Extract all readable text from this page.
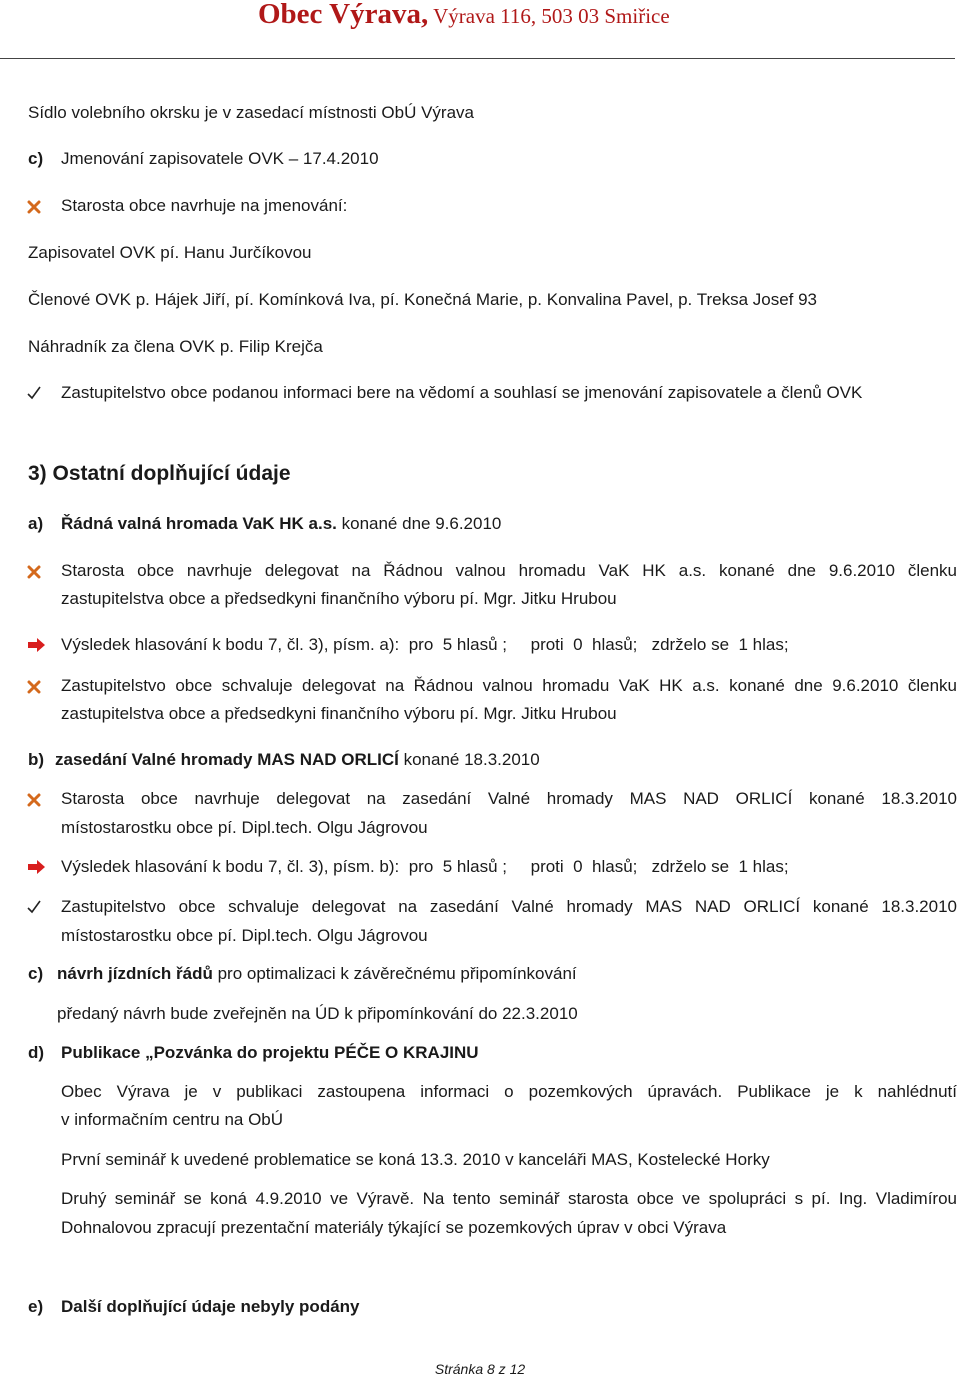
Obec Výrava, Výrava 116, 503 03 Smiřice
Sídlo volebního okrsku je v zasedací místnosti ObÚ Výrava
c) Jmenování zapisovatele OVK – 17.4.2010
Starosta obce navrhuje na jmenování:
Zapisovatel OVK pí. Hanu Jurčíkovou
Členové OVK p. Hájek Jiří, pí. Komínková Iva, pí. Konečná Marie, p. Konvalina Pavel, p. Treksa Josef 93
Náhradník za člena OVK p. Filip Krejča
Zastupitelstvo obce podanou informaci bere na vědomí a souhlasí se jmenování zapisovatele a členů OVK
3) Ostatní doplňující údaje
a) Řádná valná hromada VaK HK a.s. konané dne 9.6.2010
Starosta obce navrhuje delegovat na Řádnou valnou hromadu VaK HK a.s. konané dne 9.6.2010 členku
zastupitelstva obce a předsedkyni finančního výboru pí. Mgr. Jitku Hrubou
Výsledek hlasování k bodu 7, čl. 3), písm. a):  pro  5 hlasů ;     proti  0  hlasů;   zdrželo se  1 hlas;
Zastupitelstvo obce schvaluje delegovat na Řádnou valnou hromadu VaK HK a.s. konané dne 9.6.2010 členku
zastupitelstva obce a předsedkyni finančního výboru pí. Mgr. Jitku Hrubou
b) zasedání Valné hromady MAS NAD ORLICÍ konané 18.3.2010
Starosta obce navrhuje delegovat na zasedání Valné hromady MAS NAD ORLICÍ konané 18.3.2010
místostarostku obce pí. Dipl.tech. Olgu Jágrovou
Výsledek hlasování k bodu 7, čl. 3), písm. b):  pro  5 hlasů ;     proti  0  hlasů;   zdrželo se  1 hlas;
Zastupitelstvo obce schvaluje delegovat na zasedání Valné hromady MAS NAD ORLICÍ konané 18.3.2010
místostarostku obce pí. Dipl.tech. Olgu Jágrovou
c) návrh jízdních řádů pro optimalizaci k závěrečnému připomínkování
předaný návrh bude zveřejněn na ÚD k připomínkování do 22.3.2010
d) Publikace „Pozvánka do projektu PÉČE O KRAJINU
Obec Výrava je v publikaci zastoupena informaci o pozemkových úpravách. Publikace je k nahlédnutí
v informačním centru na ObÚ
První seminář k uvedené problematice se koná 13.3. 2010 v kanceláři MAS, Kostelecké Horky
Druhý seminář se koná 4.9.2010 ve Výravě. Na tento seminář starosta obce ve spolupráci s pí. Ing. Vladimírou
Dohnalovou zpracují prezentační materiály týkající se pozemkových úprav v obci Výrava
e) Další doplňující údaje nebyly podány
Stránka 8 z 12
